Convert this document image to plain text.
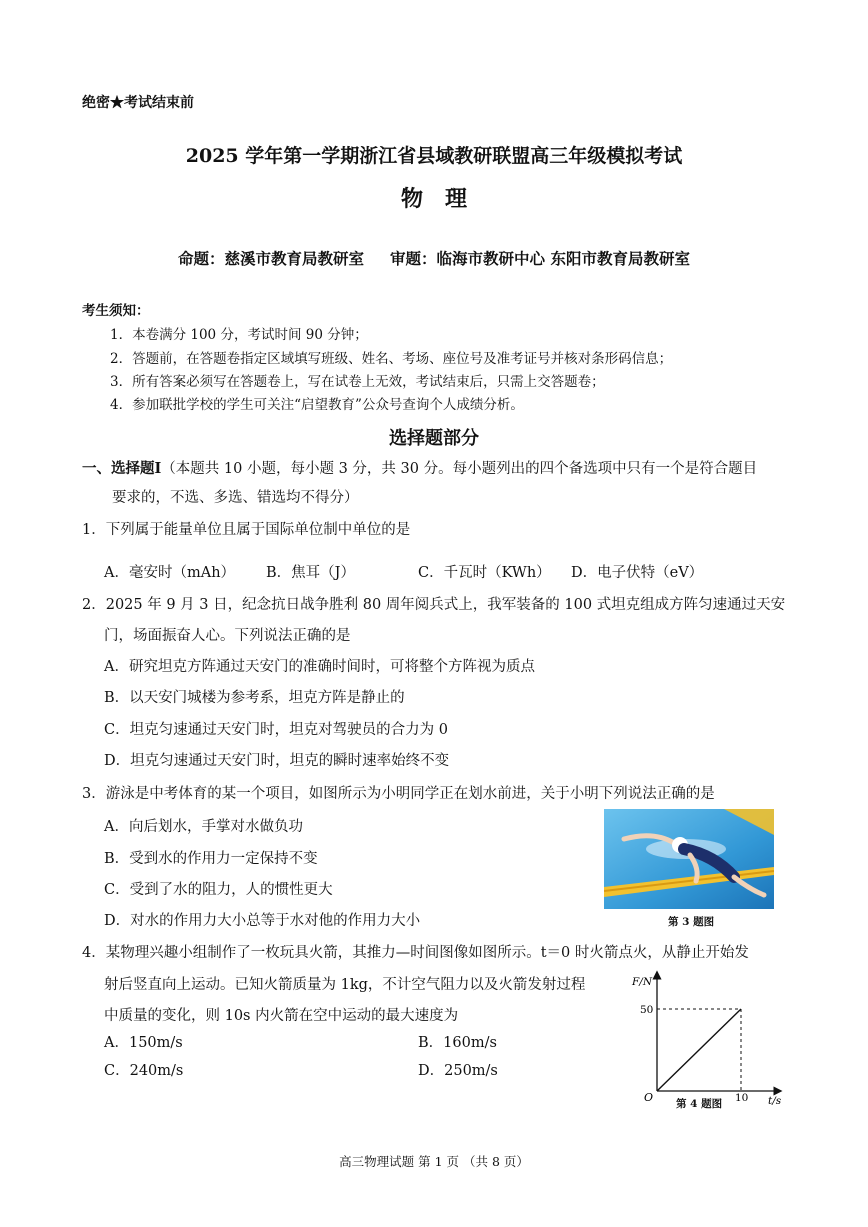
绝密★考试结束前
2025 学年第一学期浙江省县域教研联盟高三年级模拟考试
物理
命题：慈溪市教育局教研室 审题：临海市教研中心 东阳市教育局教研室
考生须知：
1．本卷满分 100 分，考试时间 90 分钟；
2．答题前，在答题卷指定区域填写班级、姓名、考场、座位号及准考证号并核对条形码信息；
3．所有答案必须写在答题卷上，写在试卷上无效，考试结束后，只需上交答题卷；
4．参加联批学校的学生可关注“启望教育”公众号查询个人成绩分析。
选择题部分
一、选择题Ⅰ（本题共 10 小题，每小题 3 分，共 30 分。每小题列出的四个备选项中只有一个是符合题目
要求的，不选、多选、错选均不得分）
1．下列属于能量单位且属于国际单位制中单位的是
A．毫安时（mAh） B．焦耳（J）	C．千瓦时（KWh） D．电子伏特（eV）
2．2025 年 9 月 3 日，纪念抗日战争胜利 80 周年阅兵式上，我军装备的 100 式坦克组成方阵匀速通过天安
门，场面振奋人心。下列说法正确的是
A．研究坦克方阵通过天安门的准确时间时，可将整个方阵视为质点
B．以天安门城楼为参考系，坦克方阵是静止的
C．坦克匀速通过天安门时，坦克对驾驶员的合力为 0
D．坦克匀速通过天安门时，坦克的瞬时速率始终不变
3．游泳是中考体育的某一个项目，如图所示为小明同学正在划水前进，关于小明下列说法正确的是
A．向后划水，手掌对水做负功
B．受到水的作用力一定保持不变
C．受到了水的阻力，人的惯性更大
D．对水的作用力大小总等于水对他的作用力大小	第 3 题图
4．某物理兴趣小组制作了一枚玩具火箭，其推力—时间图像如图所示。t＝0 时火箭点火，从静止开始发
射后竖直向上运动。已知火箭质量为 1kg，不计空气阻力以及火箭发射过程
中质量的变化，则 10s 内火箭在空中运动的最大速度为
A．150m/s	B．160m/s
C．240m/s	D．250m/s
50
10
F/N
t/s
O 第 4 题图
高三物理试题 第 1 页 （共 8 页）
